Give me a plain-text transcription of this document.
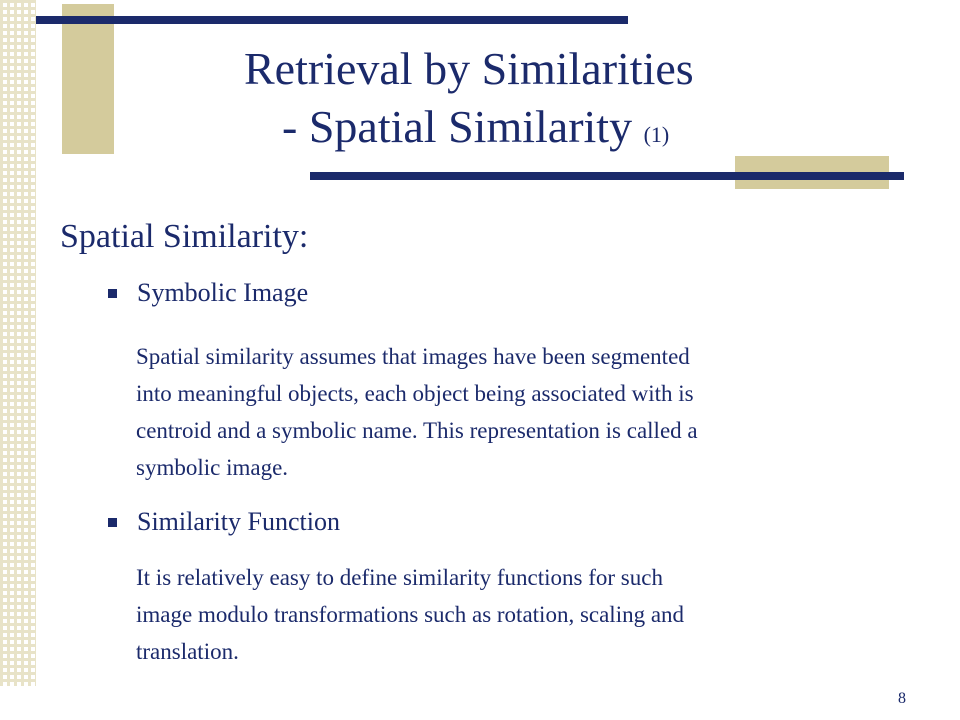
Retrieval by Similarities
- Spatial Similarity (1)
Spatial Similarity:
Symbolic Image

Spatial similarity assumes that images have been segmented
into meaningful objects, each object being associated with is
centroid and a symbolic name. This representation is called a
symbolic image.

Similarity Function

It is relatively easy to define similarity functions for such
image modulo transformations such as rotation, scaling and
translation.

8
